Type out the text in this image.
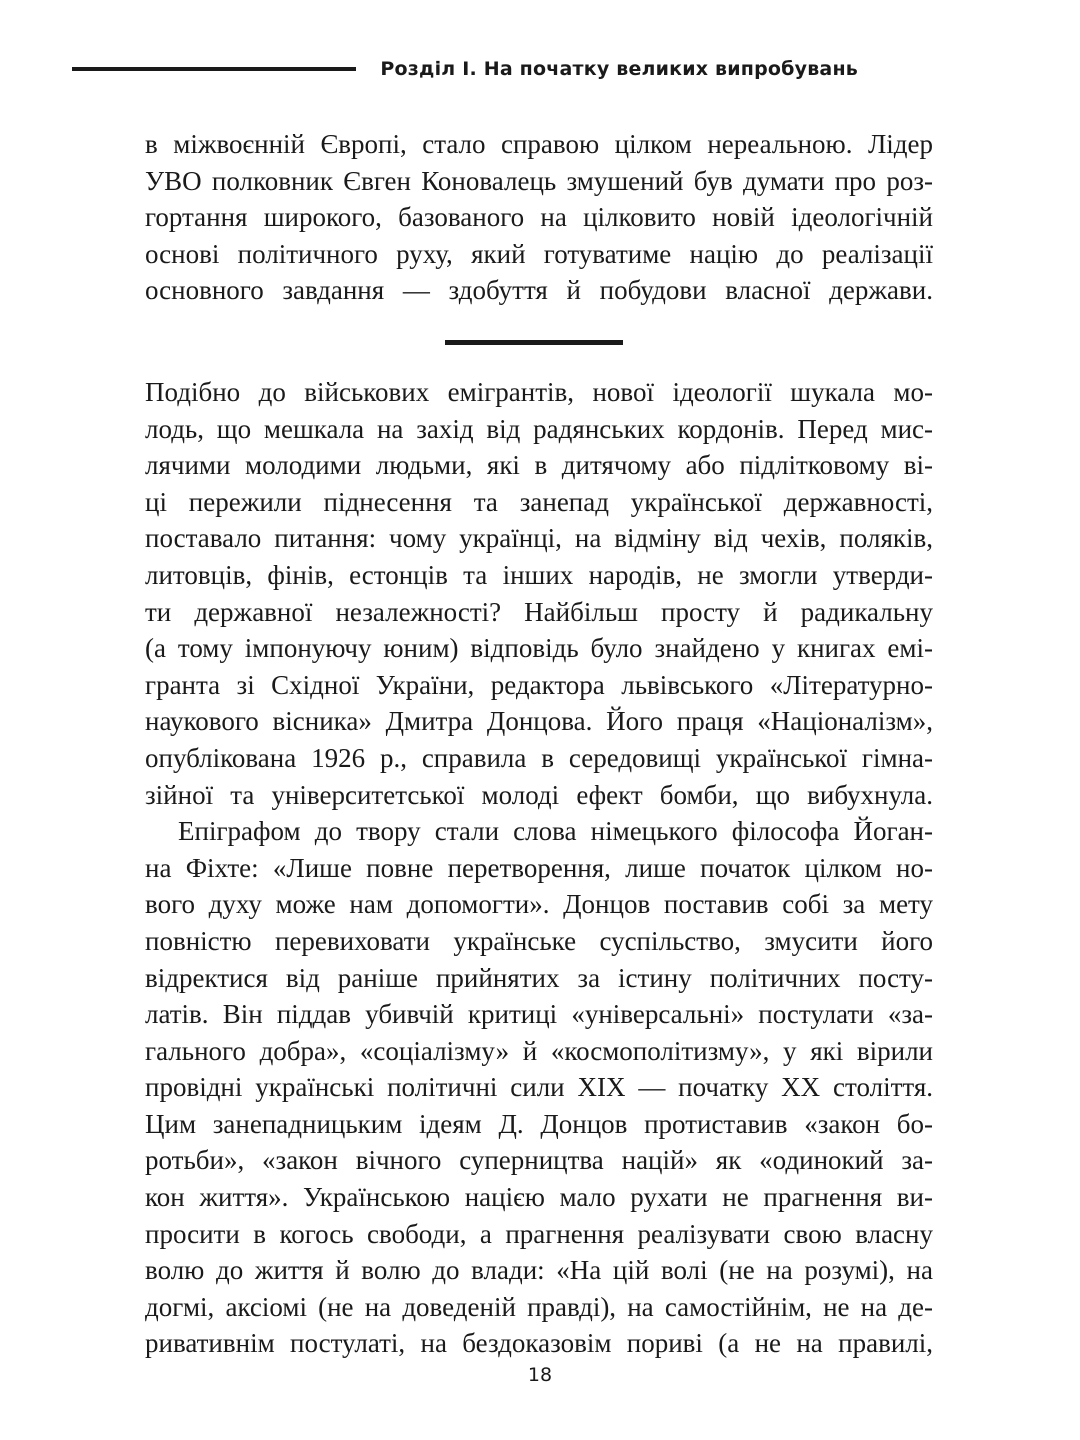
Розділ І. На початку великих випробувань

в міжвоєнній Європі, стало справою цілком нереальною. Лідер
УВО полковник Євген Коновалець змушений був думати про роз-
гортання широкого, базованого на цілковито новій ідеологічній
основі політичного руху, який готуватиме націю до реалізації
основного завдання — здобуття й побудови власної держави.

Подібно до військових емігрантів, нової ідеології шукала мо-
лодь, що мешкала на захід від радянських кордонів. Перед мис-
лячими молодими людьми, які в дитячому або підлітковому ві-
ці пережили піднесення та занепад української державності,
поставало питання: чому українці, на відміну від чехів, поляків,
литовців, фінів, естонців та інших народів, не змогли утверди-
ти державної незалежності? Найбільш просту й радикальну
(а тому імпонуючу юним) відповідь було знайдено у книгах емі-
гранта зі Східної України, редактора львівського «Літературно-
наукового вісника» Дмитра Донцова. Його праця «Націоналізм»,
опублікована 1926 р., справила в середовищі української гімна-
зійної та університетської молоді ефект бомби, що вибухнула.

Епіграфом до твору стали слова німецького філософа Йоган-
на Фіхте: «Лише повне перетворення, лише початок цілком но-
вого духу може нам допомогти». Донцов поставив собі за мету
повністю перевиховати українське суспільство, змусити його
відректися від раніше прийнятих за істину політичних посту-
латів. Він піддав убивчій критиці «універсальні» постулати «за-
гального добра», «соціалізму» й «космополітизму», у які вірили
провідні українські політичні сили XIX — початку XX століття.
Цим занепадницьким ідеям Д. Донцов протиставив «закон бо-
ротьби», «закон вічного суперництва націй» як «одинокий за-
кон життя». Українською нацією мало рухати не прагнення ви-
просити в когось свободи, а прагнення реалізувати свою власну
волю до життя й волю до влади: «На цій волі (не на розумі), на
догмі, аксіомі (не на доведеній правді), на самостійнім, не на де-
ривативнім постулаті, на бездоказовім пориві (а не на правилі,

18
